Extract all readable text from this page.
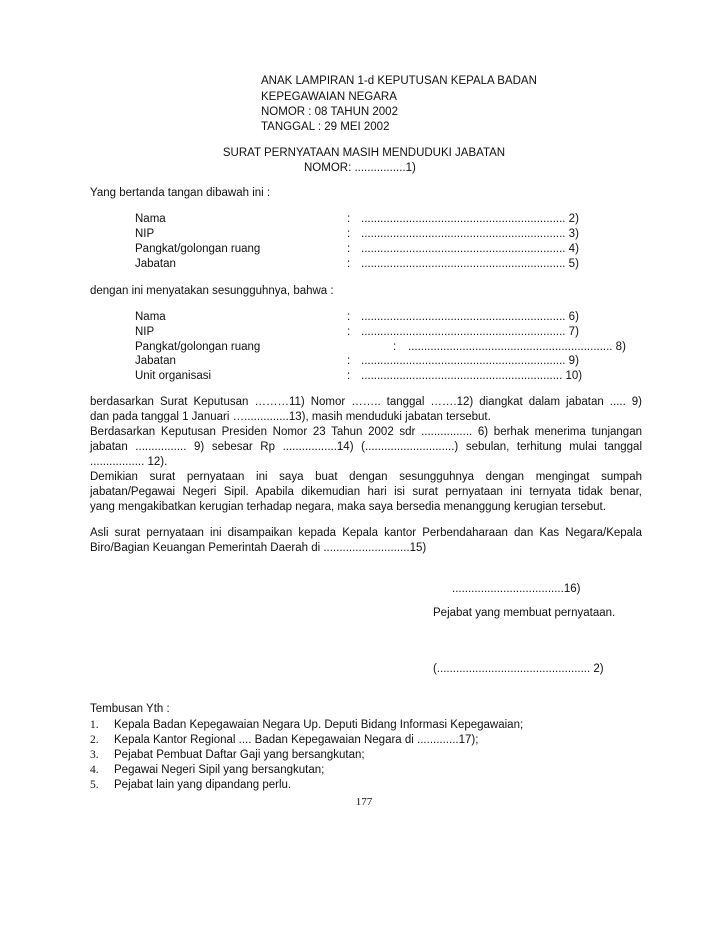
ANAK LAMPIRAN 1-d KEPUTUSAN KEPALA BADAN
KEPEGAWAIAN NEGARA
NOMOR : 08 TAHUN 2002
TANGGAL : 29 MEI 2002
SURAT PERNYATAAN MASIH MENDUDUKI JABATAN
NOMOR: ................1)
Yang bertanda tangan dibawah ini :
Nama	: ................................................................ 2)
NIP	: ................................................................ 3)
Pangkat/golongan ruang	: ................................................................ 4)
Jabatan	: ................................................................ 5)
dengan ini menyatakan sesungguhnya, bahwa :
Nama	: ................................................................ 6)
NIP	: ................................................................ 7)
Pangkat/golongan ruang	: ................................................................ 8)
Jabatan	: ................................................................ 9)
Unit organisasi	: ............................................................... 10)
berdasarkan Surat Keputusan ………11) Nomor …….. tanggal …….12) diangkat dalam jabatan ..... 9)
dan pada tanggal 1 Januari …..............13), masih menduduki jabatan tersebut.
Berdasarkan Keputusan Presiden Nomor 23 Tahun 2002 sdr ................ 6) berhak menerima tunjangan
jabatan ................ 9) sebesar Rp .................14) (............................) sebulan, terhitung mulai tanggal
................. 12).
Demikian surat pernyataan ini saya buat dengan sesungguhnya dengan mengingat sumpah
jabatan/Pegawai Negeri Sipil. Apabila dikemudian hari isi surat pernyataan ini ternyata tidak benar,
yang mengakibatkan kerugian terhadap negara, maka saya bersedia menanggung kerugian tersebut.
Asli surat pernyataan ini disampaikan kepada Kepala kantor Perbendaharaan dan Kas Negara/Kepala
Biro/Bagian Keuangan Pemerintah Daerah di ...........................15)
...................................16)
Pejabat yang membuat pernyataan.
(................................................ 2)
Tembusan Yth :
1. Kepala Badan Kepegawaian Negara Up. Deputi Bidang Informasi Kepegawaian;
2. Kepala Kantor Regional .... Badan Kepegawaian Negara di .............17);
3. Pejabat Pembuat Daftar Gaji yang bersangkutan;
4. Pegawai Negeri Sipil yang bersangkutan;
5. Pejabat lain yang dipandang perlu.
177
